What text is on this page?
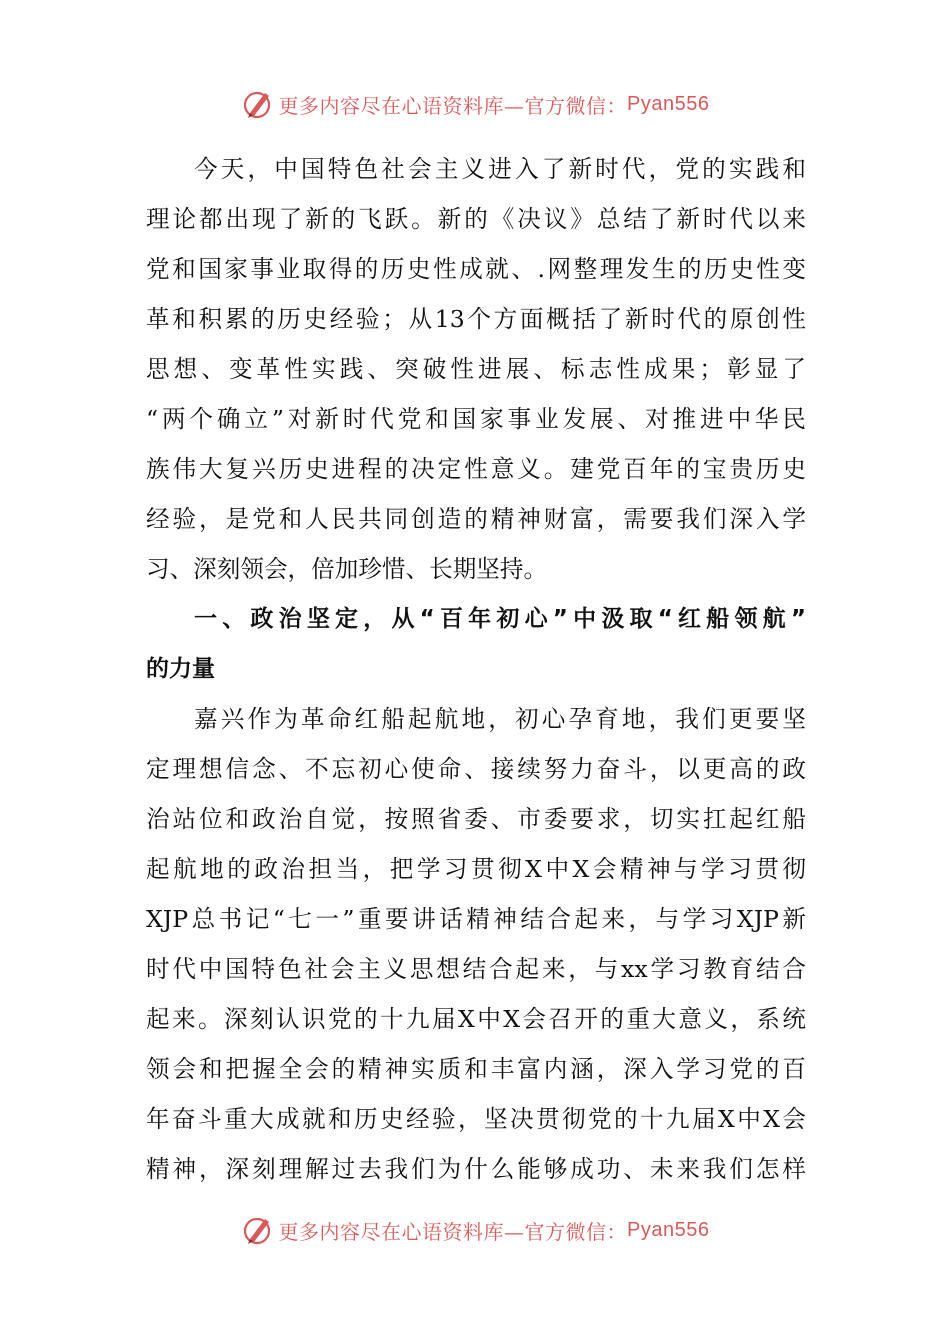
更多内容尽在心语资料库—官方微信： Pyan556
今天，中国特色社会主义进入了新时代，党的实践和
理论都出现了新的飞跃。新的《决议》总结了新时代以来
党和国家事业取得的历史性成就、.网整理发生的历史性变
革和积累的历史经验；从13个方面概括了新时代的原创性
思想、变革性实践、突破性进展、标志性成果；彰显了
“两个确立”对新时代党和国家事业发展、对推进中华民
族伟大复兴历史进程的决定性意义。建党百年的宝贵历史
经验，是党和人民共同创造的精神财富，需要我们深入学
习、深刻领会，倍加珍惜、长期坚持。
一、政治坚定，从“百年初心”中汲取“红船领航”
的力量
嘉兴作为革命红船起航地，初心孕育地，我们更要坚
定理想信念、不忘初心使命、接续努力奋斗，以更高的政
治站位和政治自觉，按照省委、市委要求，切实扛起红船
起航地的政治担当，把学习贯彻X中X会精神与学习贯彻
XJP总书记“七一”重要讲话精神结合起来，与学习XJP新
时代中国特色社会主义思想结合起来，与xx学习教育结合
起来。深刻认识党的十九届X中X会召开的重大意义，系统
领会和把握全会的精神实质和丰富内涵，深入学习党的百
年奋斗重大成就和历史经验，坚决贯彻党的十九届X中X会
精神，深刻理解过去我们为什么能够成功、未来我们怎样
更多内容尽在心语资料库—官方微信： Pyan556
